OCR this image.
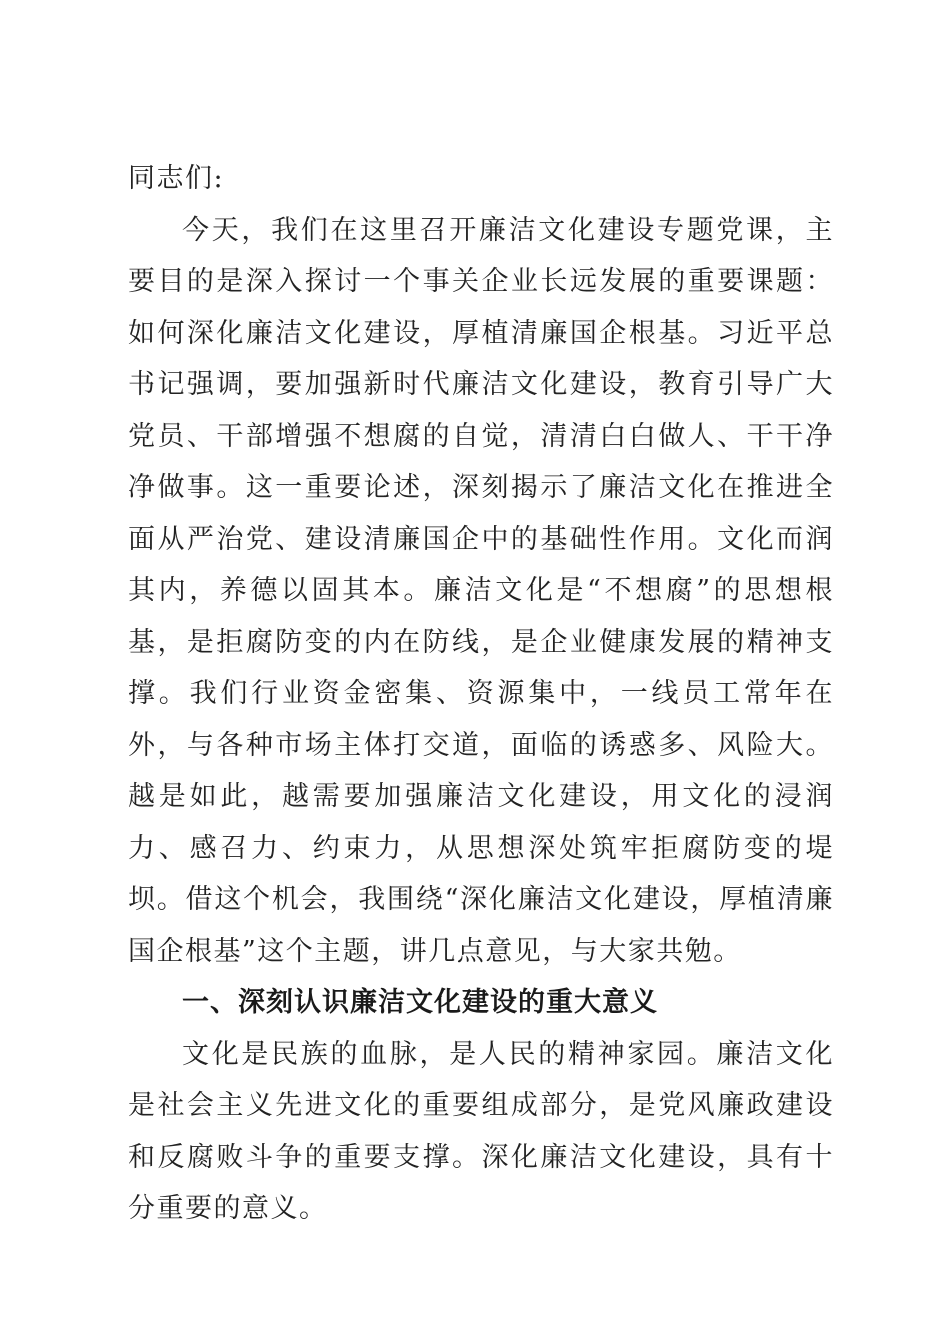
同志们:

今天，我们在这里召开廉洁文化建设专题党课，主要目的是深入探讨一个事关企业长远发展的重要课题：如何深化廉洁文化建设，厚植清廉国企根基。习近平总书记强调，要加强新时代廉洁文化建设，教育引导广大党员、干部增强不想腐的自觉，清清白白做人、干干净净做事。这一重要论述，深刻揭示了廉洁文化在推进全面从严治党、建设清廉国企中的基础性作用。文化而润其内，养德以固其本。廉洁文化是“不想腐”的思想根基，是拒腐防变的内在防线，是企业健康发展的精神支撑。我们行业资金密集、资源集中，一线员工常年在外，与各种市场主体打交道，面临的诱惑多、风险大。越是如此，越需要加强廉洁文化建设，用文化的浸润力、感召力、约束力，从思想深处筑牢拒腐防变的堤坝。借这个机会，我围绕“深化廉洁文化建设，厚植清廉国企根基”这个主题，讲几点意见，与大家共勉。

一、深刻认识廉洁文化建设的重大意义

文化是民族的血脉，是人民的精神家园。廉洁文化是社会主义先进文化的重要组成部分，是党风廉政建设和反腐败斗争的重要支撑。深化廉洁文化建设，具有十分重要的意义。
